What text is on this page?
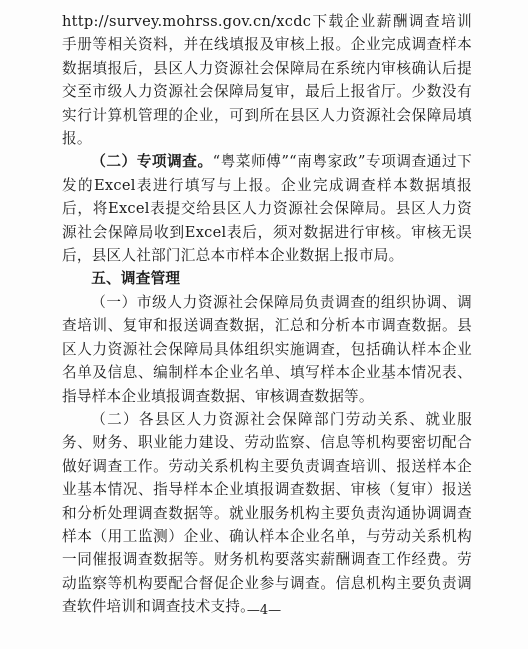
http://survey.mohrss.gov.cn/xcdc下载企业薪酬调查培训手册等相关资料，并在线填报及审核上报。企业完成调查样本数据填报后，县区人力资源社会保障局在系统内审核确认后提交至市级人力资源社会保障局复审，最后上报省厅。少数没有实行计算机管理的企业，可到所在县区人力资源社会保障局填报。

（二）专项调查。“粤菜师傅”“南粤家政”专项调查通过下发的Excel表进行填写与上报。企业完成调查样本数据填报后，将Excel表提交给县区人力资源社会保障局。县区人力资源社会保障局收到Excel表后，须对数据进行审核。审核无误后，县区人社部门汇总本市样本企业数据上报市局。

五、调查管理

（一）市级人力资源社会保障局负责调查的组织协调、调查培训、复审和报送调查数据，汇总和分析本市调查数据。县区人力资源社会保障局具体组织实施调查，包括确认样本企业名单及信息、编制样本企业名单、填写样本企业基本情况表、指导样本企业填报调查数据、审核调查数据等。

（二）各县区人力资源社会保障部门劳动关系、就业服务、财务、职业能力建设、劳动监察、信息等机构要密切配合做好调查工作。劳动关系机构主要负责调查培训、报送样本企业基本情况、指导样本企业填报调查数据、审核（复审）报送和分析处理调查数据等。就业服务机构主要负责沟通协调调查样本（用工监测）企业、确认样本企业名单，与劳动关系机构一同催报调查数据等。财务机构要落实薪酬调查工作经费。劳动监察等机构要配合督促企业参与调查。信息机构主要负责调查软件培训和调查技术支持。

—4—
